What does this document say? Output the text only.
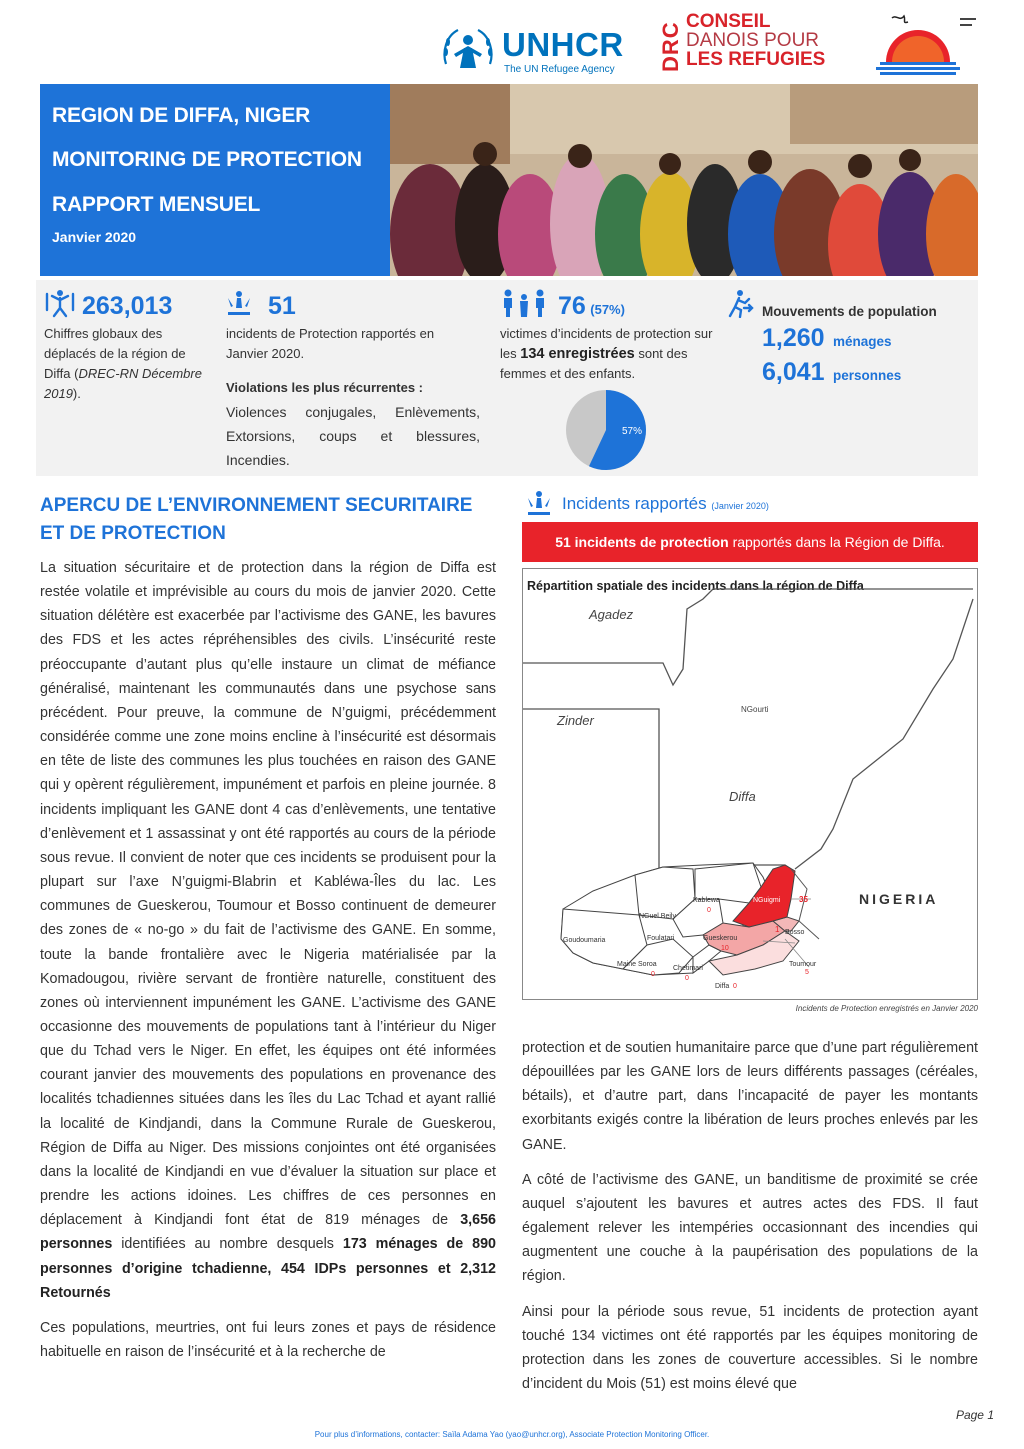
UNHCR
The UN Refugee Agency DRC CONSEIL
DANOIS POUR
LES REFUGIES
REGION DE DIFFA, NIGER
MONITORING DE PROTECTION
RAPPORT MENSUEL
Janvier 2020
263,013
Chiffres globaux des déplacés de la région de Diffa (DREC-RN Décembre 2019).
51
incidents de Protection rapportés en Janvier 2020.
Violations les plus récurrentes :
Violences conjugales, Enlèvements, Extorsions, coups et blessures, Incendies.
76 (57%)
victimes d’incidents de protection sur les 134 enregistrées sont des femmes et des enfants.
57%
Mouvements de population
1,260 ménages
6,041 personnes
APERCU DE L’ENVIRONNEMENT SECURITAIRE
ET DE PROTECTION

La situation sécuritaire et de protection dans la région de Diffa est restée volatile et imprévisible au cours du mois de janvier 2020. Cette situation délétère est exacerbée par l’activisme des GANE, les bavures des FDS et les actes répréhensibles des civils. L’insécurité reste préoccupante d’autant plus qu’elle instaure un climat de méfiance généralisé, maintenant les communautés dans une psychose sans précédent. Pour preuve, la commune de N’guigmi, précédemment considérée comme une zone moins encline à l’insécurité est désormais en tête de liste des communes les plus touchées en raison des GANE qui y opèrent régulièrement, impunément et parfois en pleine journée. 8 incidents impliquant les GANE dont 4 cas d’enlèvements, une tentative d’enlèvement et 1 assassinat y ont été rapportés au cours de la période sous revue. Il convient de noter que ces incidents se produisent pour la plupart sur l’axe N’guigmi-Blabrin et Kabléwa-Îles du lac. Les communes de Gueskerou, Toumour et Bosso continuent de demeurer des zones de « no-go » du fait de l’activisme des GANE. En somme, toute la bande frontalière avec le Nigeria matérialisée par la Komadougou, rivière servant de frontière naturelle, constituent des zones où interviennent impunément les GANE. L’activisme des GANE occasionne des mouvements de populations tant à l’intérieur du Niger que du Tchad vers le Niger. En effet, les équipes ont été informées courant janvier des mouvements des populations en provenance des localités tchadiennes situées dans les îles du Lac Tchad et ayant rallié la localité de Kindjandi, dans la Commune Rurale de Gueskerou, Région de Diffa au Niger. Des missions conjointes ont été organisées dans la localité de Kindjandi en vue d’évaluer la situation sur place et prendre les actions idoines. Les chiffres de ces personnes en déplacement à Kindjandi font état de 819 ménages de 3,656 personnes identifiées au nombre desquels 173 ménages de 890 personnes d’origine tchadienne, 454 IDPs personnes et 2,312 Retournés

Ces populations, meurtries, ont fui leurs zones et pays de résidence habituelle en raison de l’insécurité et à la recherche de

Incidents rapportés (Janvier 2020)
51 incidents de protection rapportés dans la Région de Diffa.
Répartition spatiale des incidents dans la région de Diffa
Agadez
Zinder
NGourti
Diffa
NIGERIA
Kablewa
0
NGuigmi 35
NGuel Beily
Goudoumaria	Foulatari	Gueskerou
10
1 Bosso
Maine Soroa
0
Chetimari
0
Toumour
5
Diffa 0
Incidents de Protection enregistrés en Janvier 2020

protection et de soutien humanitaire parce que d’une part régulièrement dépouillées par les GANE lors de leurs différents passages (céréales, bétails), et d’autre part, dans l’incapacité de payer les montants exorbitants exigés contre la libération de leurs proches enlevés par les GANE.

A côté de l’activisme des GANE, un banditisme de proximité se crée auquel s’ajoutent les bavures et autres actes des FDS. Il faut également relever les intempéries occasionnant des incendies qui augmentent une couche à la paupérisation des populations de la région.

Ainsi pour la période sous revue, 51 incidents de protection ayant touché 134 victimes ont été rapportés par les équipes monitoring de protection dans les zones de couverture accessibles. Si le nombre d’incident du Mois (51) est moins élevé que

Page 1
Pour plus d’informations, contacter: Saïla Adama Yao (yao@unhcr.org), Associate Protection Monitoring Officer.
